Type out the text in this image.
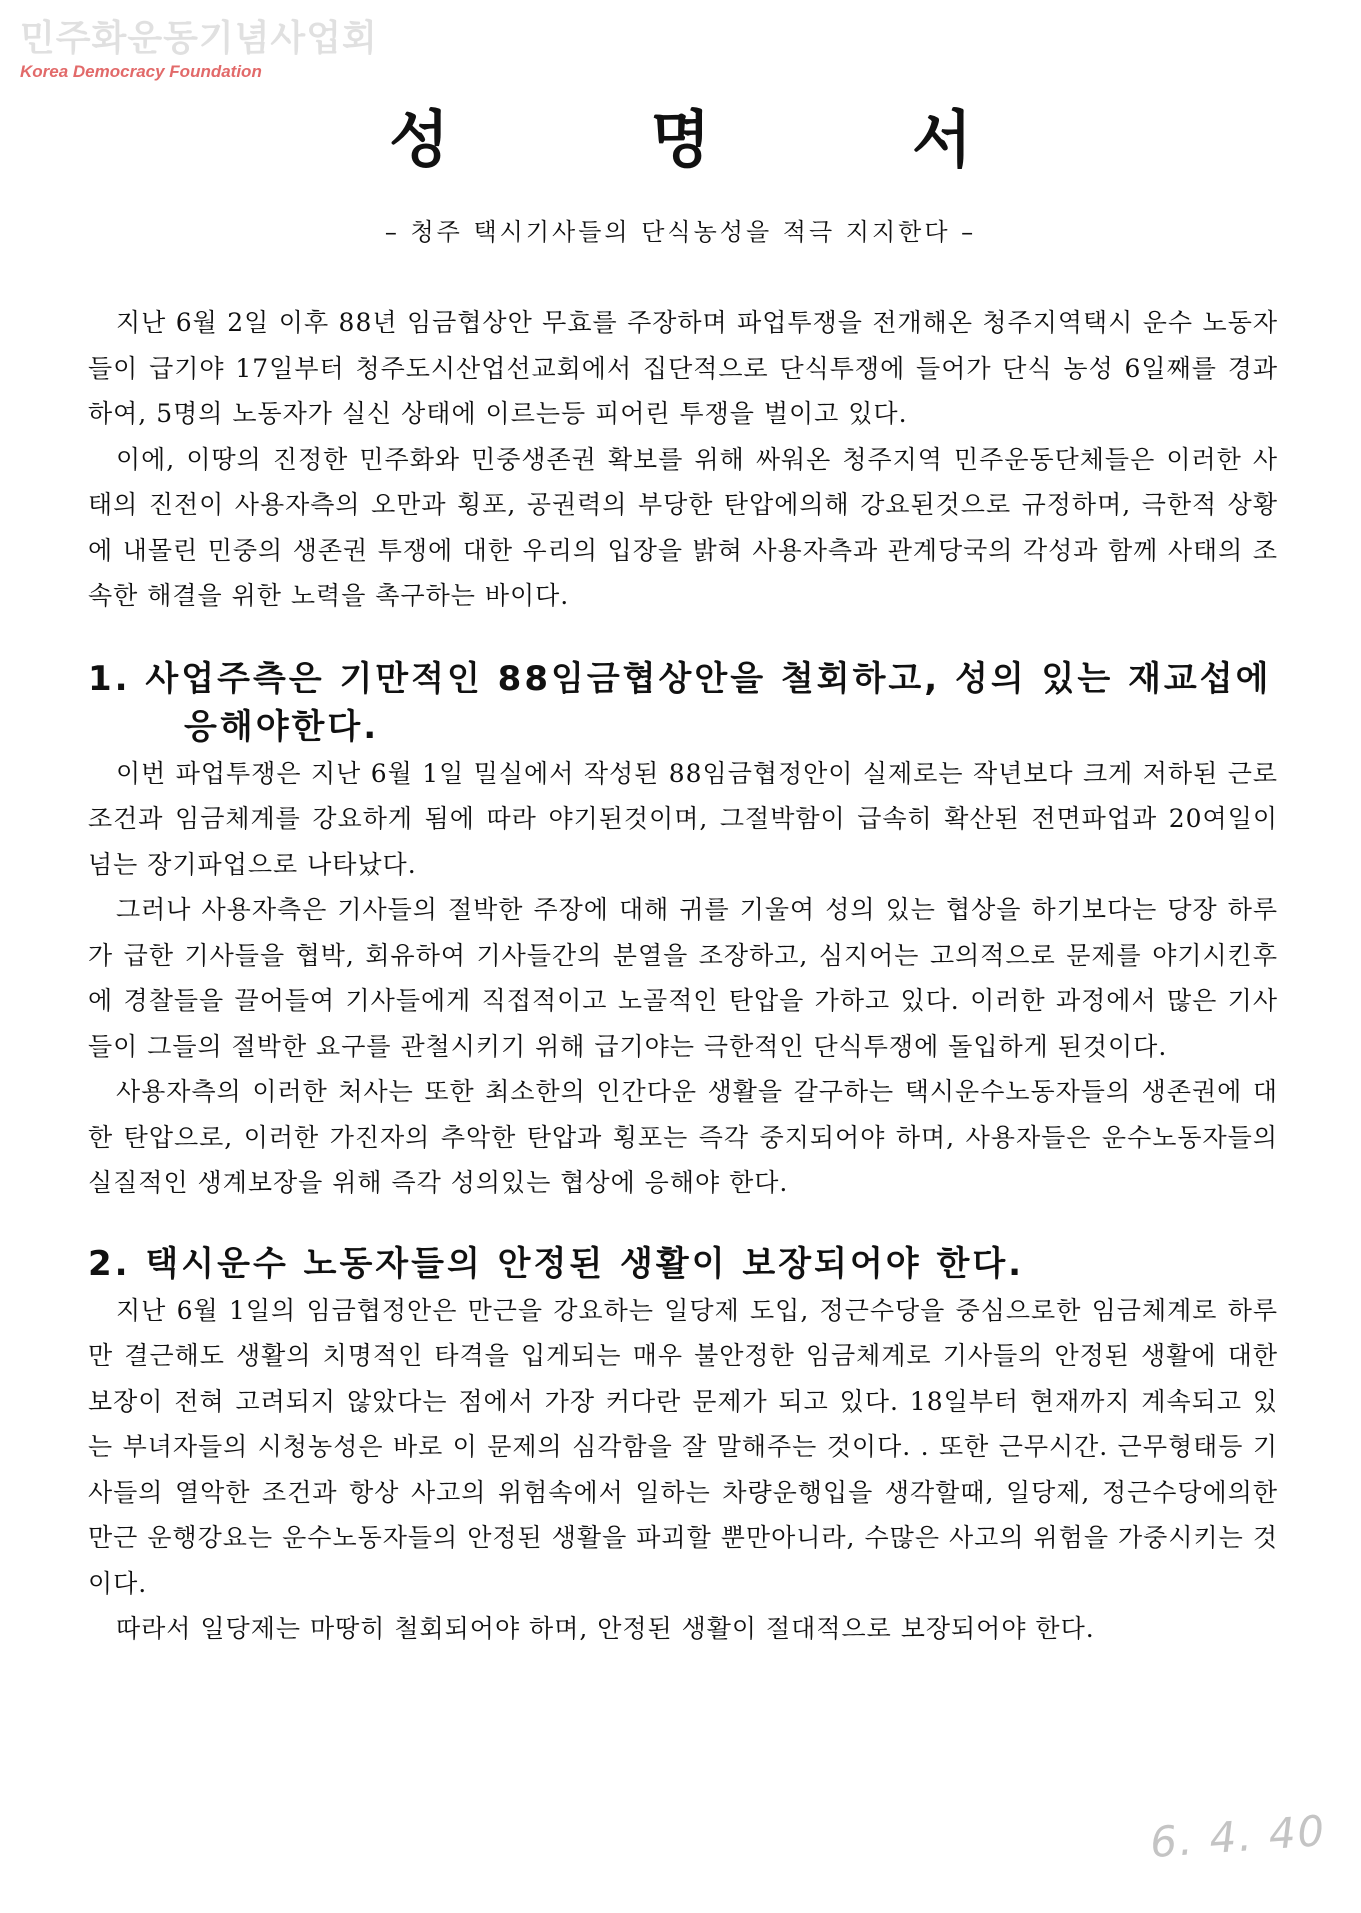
민주화운동기념사업회
Korea Democracy Foundation
성 명 서
– 청주 택시기사들의 단식농성을 적극 지지한다 –

지난 6월 2일 이후 88년 임금협상안 무효를 주장하며 파업투쟁을 전개해온 청주지역택시 운수 노동자들이 급기야 17일부터 청주도시산업선교회에서 집단적으로 단식투쟁에 들어가 단식 농성 6일째를 경과하여, 5명의 노동자가 실신 상태에 이르는등 피어린 투쟁을 벌이고 있다.

이에, 이땅의 진정한 민주화와 민중생존권 확보를 위해 싸워온 청주지역 민주운동단체들은 이러한 사태의 진전이 사용자측의 오만과 횡포, 공권력의 부당한 탄압에의해 강요된것으로 규정하며, 극한적 상황에 내몰린 민중의 생존권 투쟁에 대한 우리의 입장을 밝혀 사용자측과 관계당국의 각성과 함께 사태의 조속한 해결을 위한 노력을 촉구하는 바이다.

1. 사업주측은 기만적인 88임금협상안을 철회하고, 성의 있는 재교섭에 응해야한다.

이번 파업투쟁은 지난 6월 1일 밀실에서 작성된 88임금협정안이 실제로는 작년보다 크게 저하된 근로조건과 임금체계를 강요하게 됨에 따라 야기된것이며, 그절박함이 급속히 확산된 전면파업과 20여일이 넘는 장기파업으로 나타났다.

그러나 사용자측은 기사들의 절박한 주장에 대해 귀를 기울여 성의 있는 협상을 하기보다는 당장 하루가 급한 기사들을 협박, 회유하여 기사들간의 분열을 조장하고, 심지어는 고의적으로 문제를 야기시킨후에 경찰들을 끌어들여 기사들에게 직접적이고 노골적인 탄압을 가하고 있다. 이러한 과정에서 많은 기사들이 그들의 절박한 요구를 관철시키기 위해 급기야는 극한적인 단식투쟁에 돌입하게 된것이다.

사용자측의 이러한 처사는 또한 최소한의 인간다운 생활을 갈구하는 택시운수노동자들의 생존권에 대한 탄압으로, 이러한 가진자의 추악한 탄압과 횡포는 즉각 중지되어야 하며, 사용자들은 운수노동자들의 실질적인 생계보장을 위해 즉각 성의있는 협상에 응해야 한다.

2. 택시운수 노동자들의 안정된 생활이 보장되어야 한다.

지난 6월 1일의 임금협정안은 만근을 강요하는 일당제 도입, 정근수당을 중심으로한 임금체계로 하루만 결근해도 생활의 치명적인 타격을 입게되는 매우 불안정한 임금체계로 기사들의 안정된 생활에 대한 보장이 전혀 고려되지 않았다는 점에서 가장 커다란 문제가 되고 있다. 18일부터 현재까지 계속되고 있는 부녀자들의 시청농성은 바로 이 문제의 심각함을 잘 말해주는 것이다. . 또한 근무시간. 근무형태등 기사들의 열악한 조건과 항상 사고의 위험속에서 일하는 차량운행입을 생각할때, 일당제, 정근수당에의한 만근 운행강요는 운수노동자들의 안정된 생활을 파괴할 뿐만아니라, 수많은 사고의 위험을 가중시키는 것이다.

따라서 일당제는 마땅히 철회되어야 하며, 안정된 생활이 절대적으로 보장되어야 한다.

6. 4. 40
